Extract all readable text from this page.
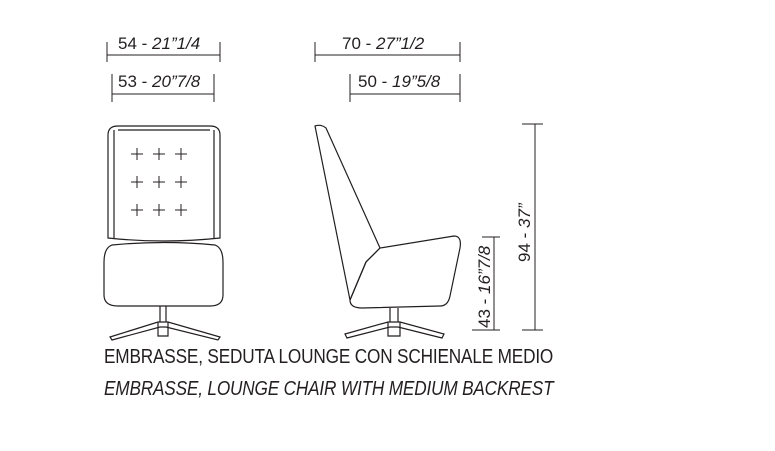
54 - 21”1/4
53 - 20”7/8
70 - 27”1/2
50 - 19”5/8
43 - 16”7/8
94 - 37”
EMBRASSE, SEDUTA LOUNGE CON SCHIENALE MEDIO
EMBRASSE, LOUNGE CHAIR WITH MEDIUM BACKREST
